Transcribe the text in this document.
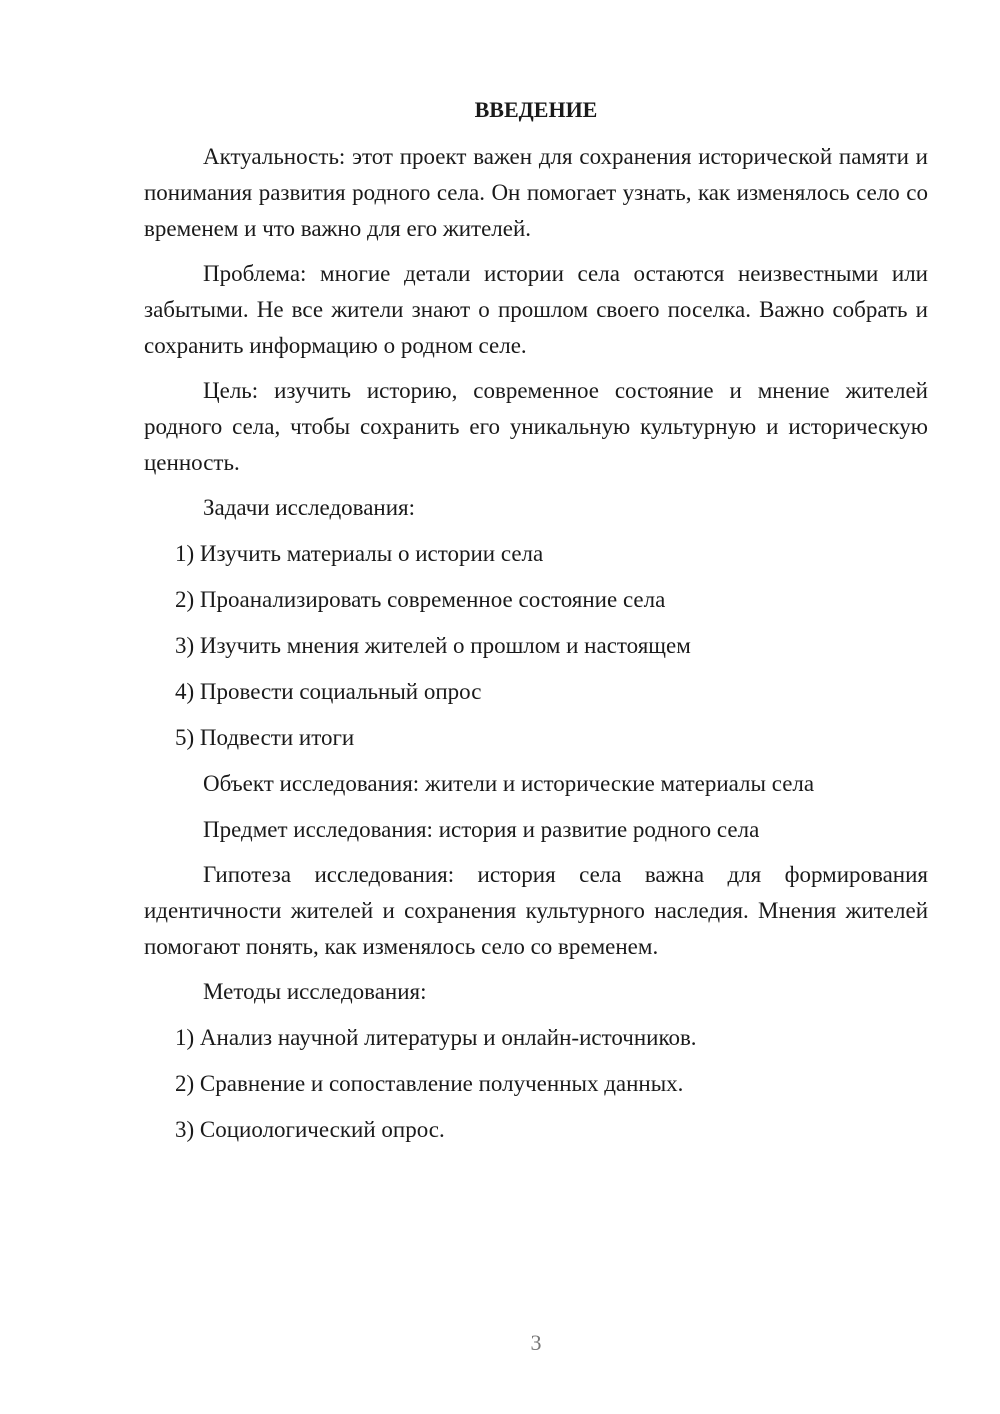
ВВЕДЕНИЕ

Актуальность: этот проект важен для сохранения исторической памяти и понимания развития родного села. Он помогает узнать, как изменялось село со временем и что важно для его жителей.

Проблема: многие детали истории села остаются неизвестными или забытыми. Не все жители знают о прошлом своего поселка. Важно собрать и сохранить информацию о родном селе.

Цель: изучить историю, современное состояние и мнение жителей родного села, чтобы сохранить его уникальную культурную и историческую ценность.

Задачи исследования:

1) Изучить материалы о истории села
2) Проанализировать современное состояние села
3) Изучить мнения жителей о прошлом и настоящем
4) Провести социальный опрос
5) Подвести итоги

Объект исследования: жители и исторические материалы села

Предмет исследования: история и развитие родного села

Гипотеза исследования: история села важна для формирования идентичности жителей и сохранения культурного наследия. Мнения жителей помогают понять, как изменялось село со временем.

Методы исследования:

1) Анализ научной литературы и онлайн-источников.
2) Сравнение и сопоставление полученных данных.
3) Социологический опрос.
3
